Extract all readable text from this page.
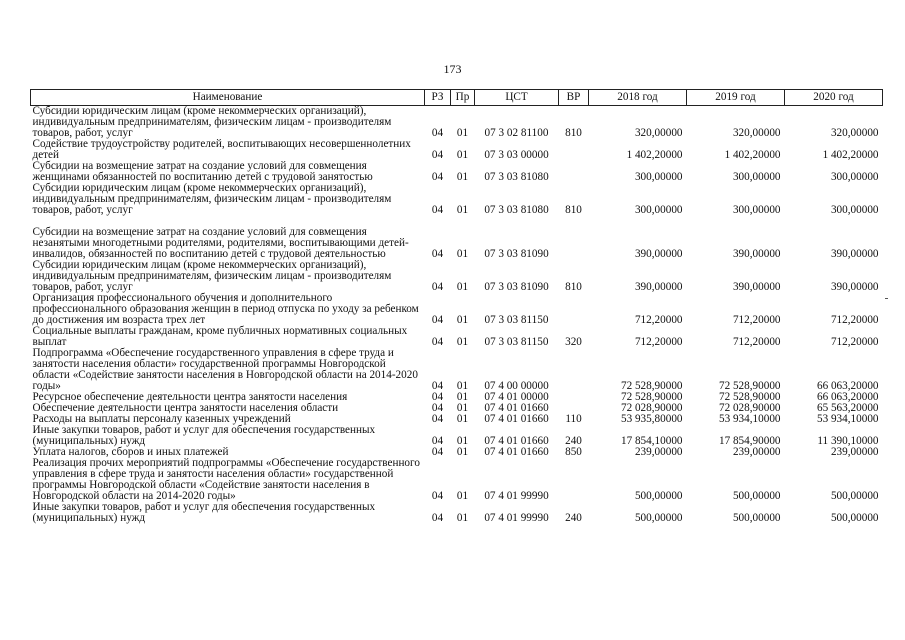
173
Наименование	РЗ	Пр	ЦСТ	ВР	2018 год	2019 год	2020 год
Субсидии юридическим лицам (кроме некоммерческих организаций), индивидуальным предпринимателям, физическим лицам - производителям товаров, работ, услуг	04	01	07 3 02 81100	810	320,00000	320,00000	320,00000
Содействие трудоустройству родителей, воспитывающих несовершеннолетних детей	04	01	07 3 03 00000		1 402,20000	1 402,20000	1 402,20000
Субсидии на возмещение затрат на создание условий для совмещения женщинами обязанностей по воспитанию детей с трудовой занятостью	04	01	07 3 03 81080		300,00000	300,00000	300,00000
Субсидии юридическим лицам (кроме некоммерческих организаций), индивидуальным предпринимателям, физическим лицам - производителям товаров, работ, услуг	04	01	07 3 03 81080	810	300,00000	300,00000	300,00000
Субсидии на возмещение затрат на создание условий для совмещения незанятыми многодетными родителями, родителями, воспитывающими детей-инвалидов, обязанностей по воспитанию детей с трудовой деятельностью	04	01	07 3 03 81090		390,00000	390,00000	390,00000
Субсидии юридическим лицам (кроме некоммерческих организаций), индивидуальным предпринимателям, физическим лицам - производителям товаров, работ, услуг	04	01	07 3 03 81090	810	390,00000	390,00000	390,00000
Организация профессионального обучения и дополнительного профессионального образования женщин в период отпуска по уходу за ребенком до достижения им возраста трех лет	04	01	07 3 03 81150		712,20000	712,20000	712,20000
Социальные выплаты гражданам, кроме публичных нормативных социальных выплат	04	01	07 3 03 81150	320	712,20000	712,20000	712,20000
Подпрограмма «Обеспечение государственного управления в сфере труда и занятости населения области» государственной программы Новгородской области «Содействие занятости населения в Новгородской области на 2014-2020 годы»	04	01	07 4 00 00000		72 528,90000	72 528,90000	66 063,20000
Ресурсное обеспечение деятельности центра занятости населения	04	01	07 4 01 00000		72 528,90000	72 528,90000	66 063,20000
Обеспечение деятельности центра занятости населения области	04	01	07 4 01 01660		72 028,90000	72 028,90000	65 563,20000
Расходы на выплаты персоналу казенных учреждений	04	01	07 4 01 01660	110	53 935,80000	53 934,10000	53 934,10000
Иные закупки товаров, работ и услуг для обеспечения государственных (муниципальных) нужд	04	01	07 4 01 01660	240	17 854,10000	17 854,90000	11 390,10000
Уплата налогов, сборов и иных платежей	04	01	07 4 01 01660	850	239,00000	239,00000	239,00000
Реализация прочих мероприятий подпрограммы «Обеспечение государственного управления в сфере труда и занятости населения области» государственной программы Новгородской области «Содействие занятости населения в Новгородской области на 2014-2020 годы»	04	01	07 4 01 99990		500,00000	500,00000	500,00000
Иные закупки товаров, работ и услуг для обеспечения государственных (муниципальных) нужд	04	01	07 4 01 99990	240	500,00000	500,00000	500,00000
